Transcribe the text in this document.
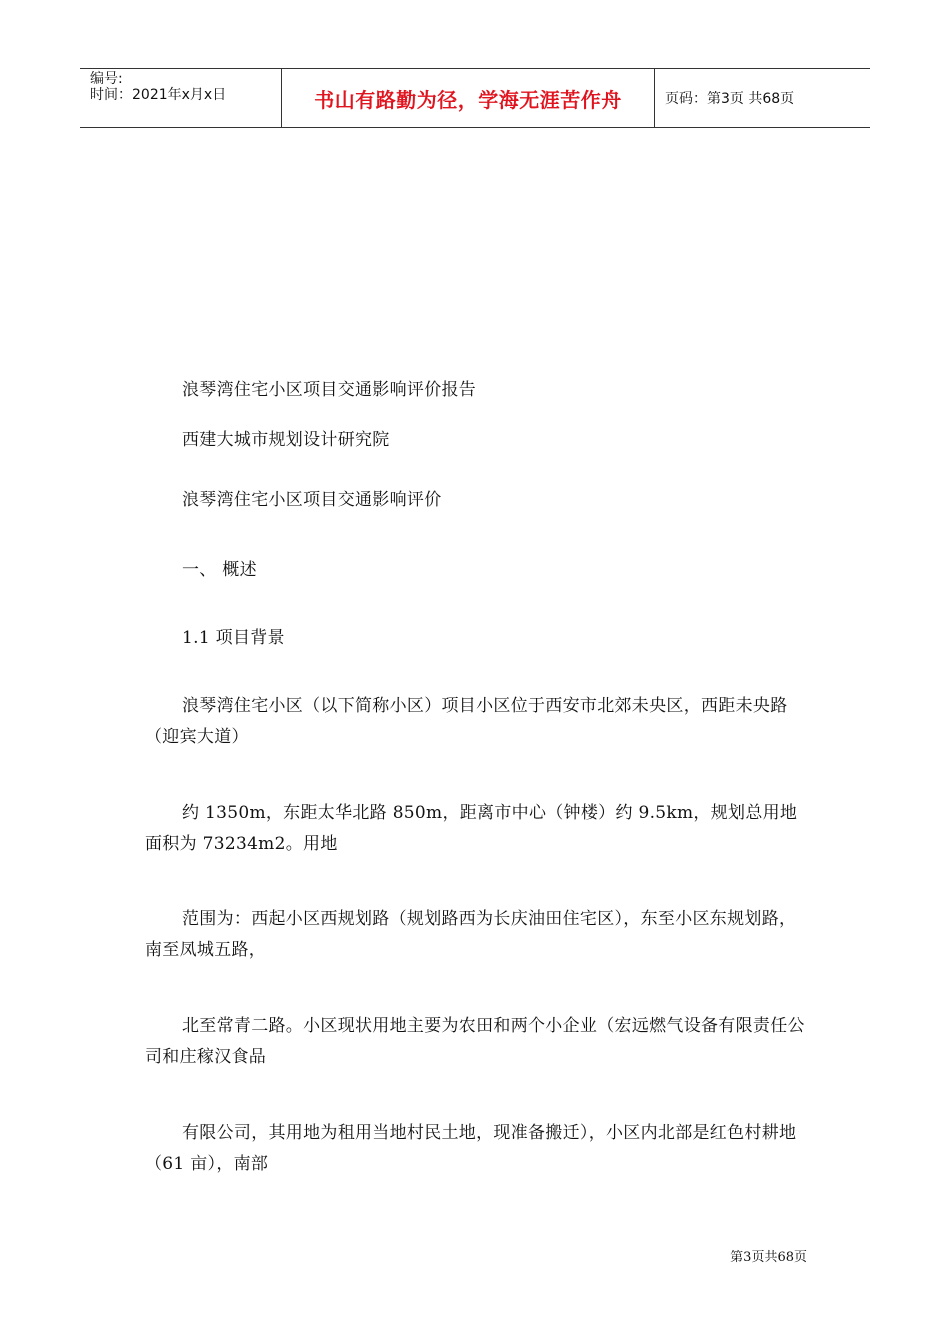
编号:
时间：2021年x月x日	书山有路勤为径，学海无涯苦作舟	页码：第3页 共68页
浪琴湾住宅小区项目交通影响评价报告
西建大城市规划设计研究院
浪琴湾住宅小区项目交通影响评价
一、 概述
1.1 项目背景
浪琴湾住宅小区（以下简称小区）项目小区位于西安市北郊未央区，西距未央路（迎宾大道）
约 1350m，东距太华北路 850m，距离市中心（钟楼）约 9.5km，规划总用地面积为 73234m2。用地
范围为：西起小区西规划路（规划路西为长庆油田住宅区），东至小区东规划路，南至凤城五路，
北至常青二路。小区现状用地主要为农田和两个小企业（宏远燃气设备有限责任公司和庄稼汉食品
有限公司，其用地为租用当地村民土地，现准备搬迁），小区内北部是红色村耕地（61 亩），南部
第3页共68页
